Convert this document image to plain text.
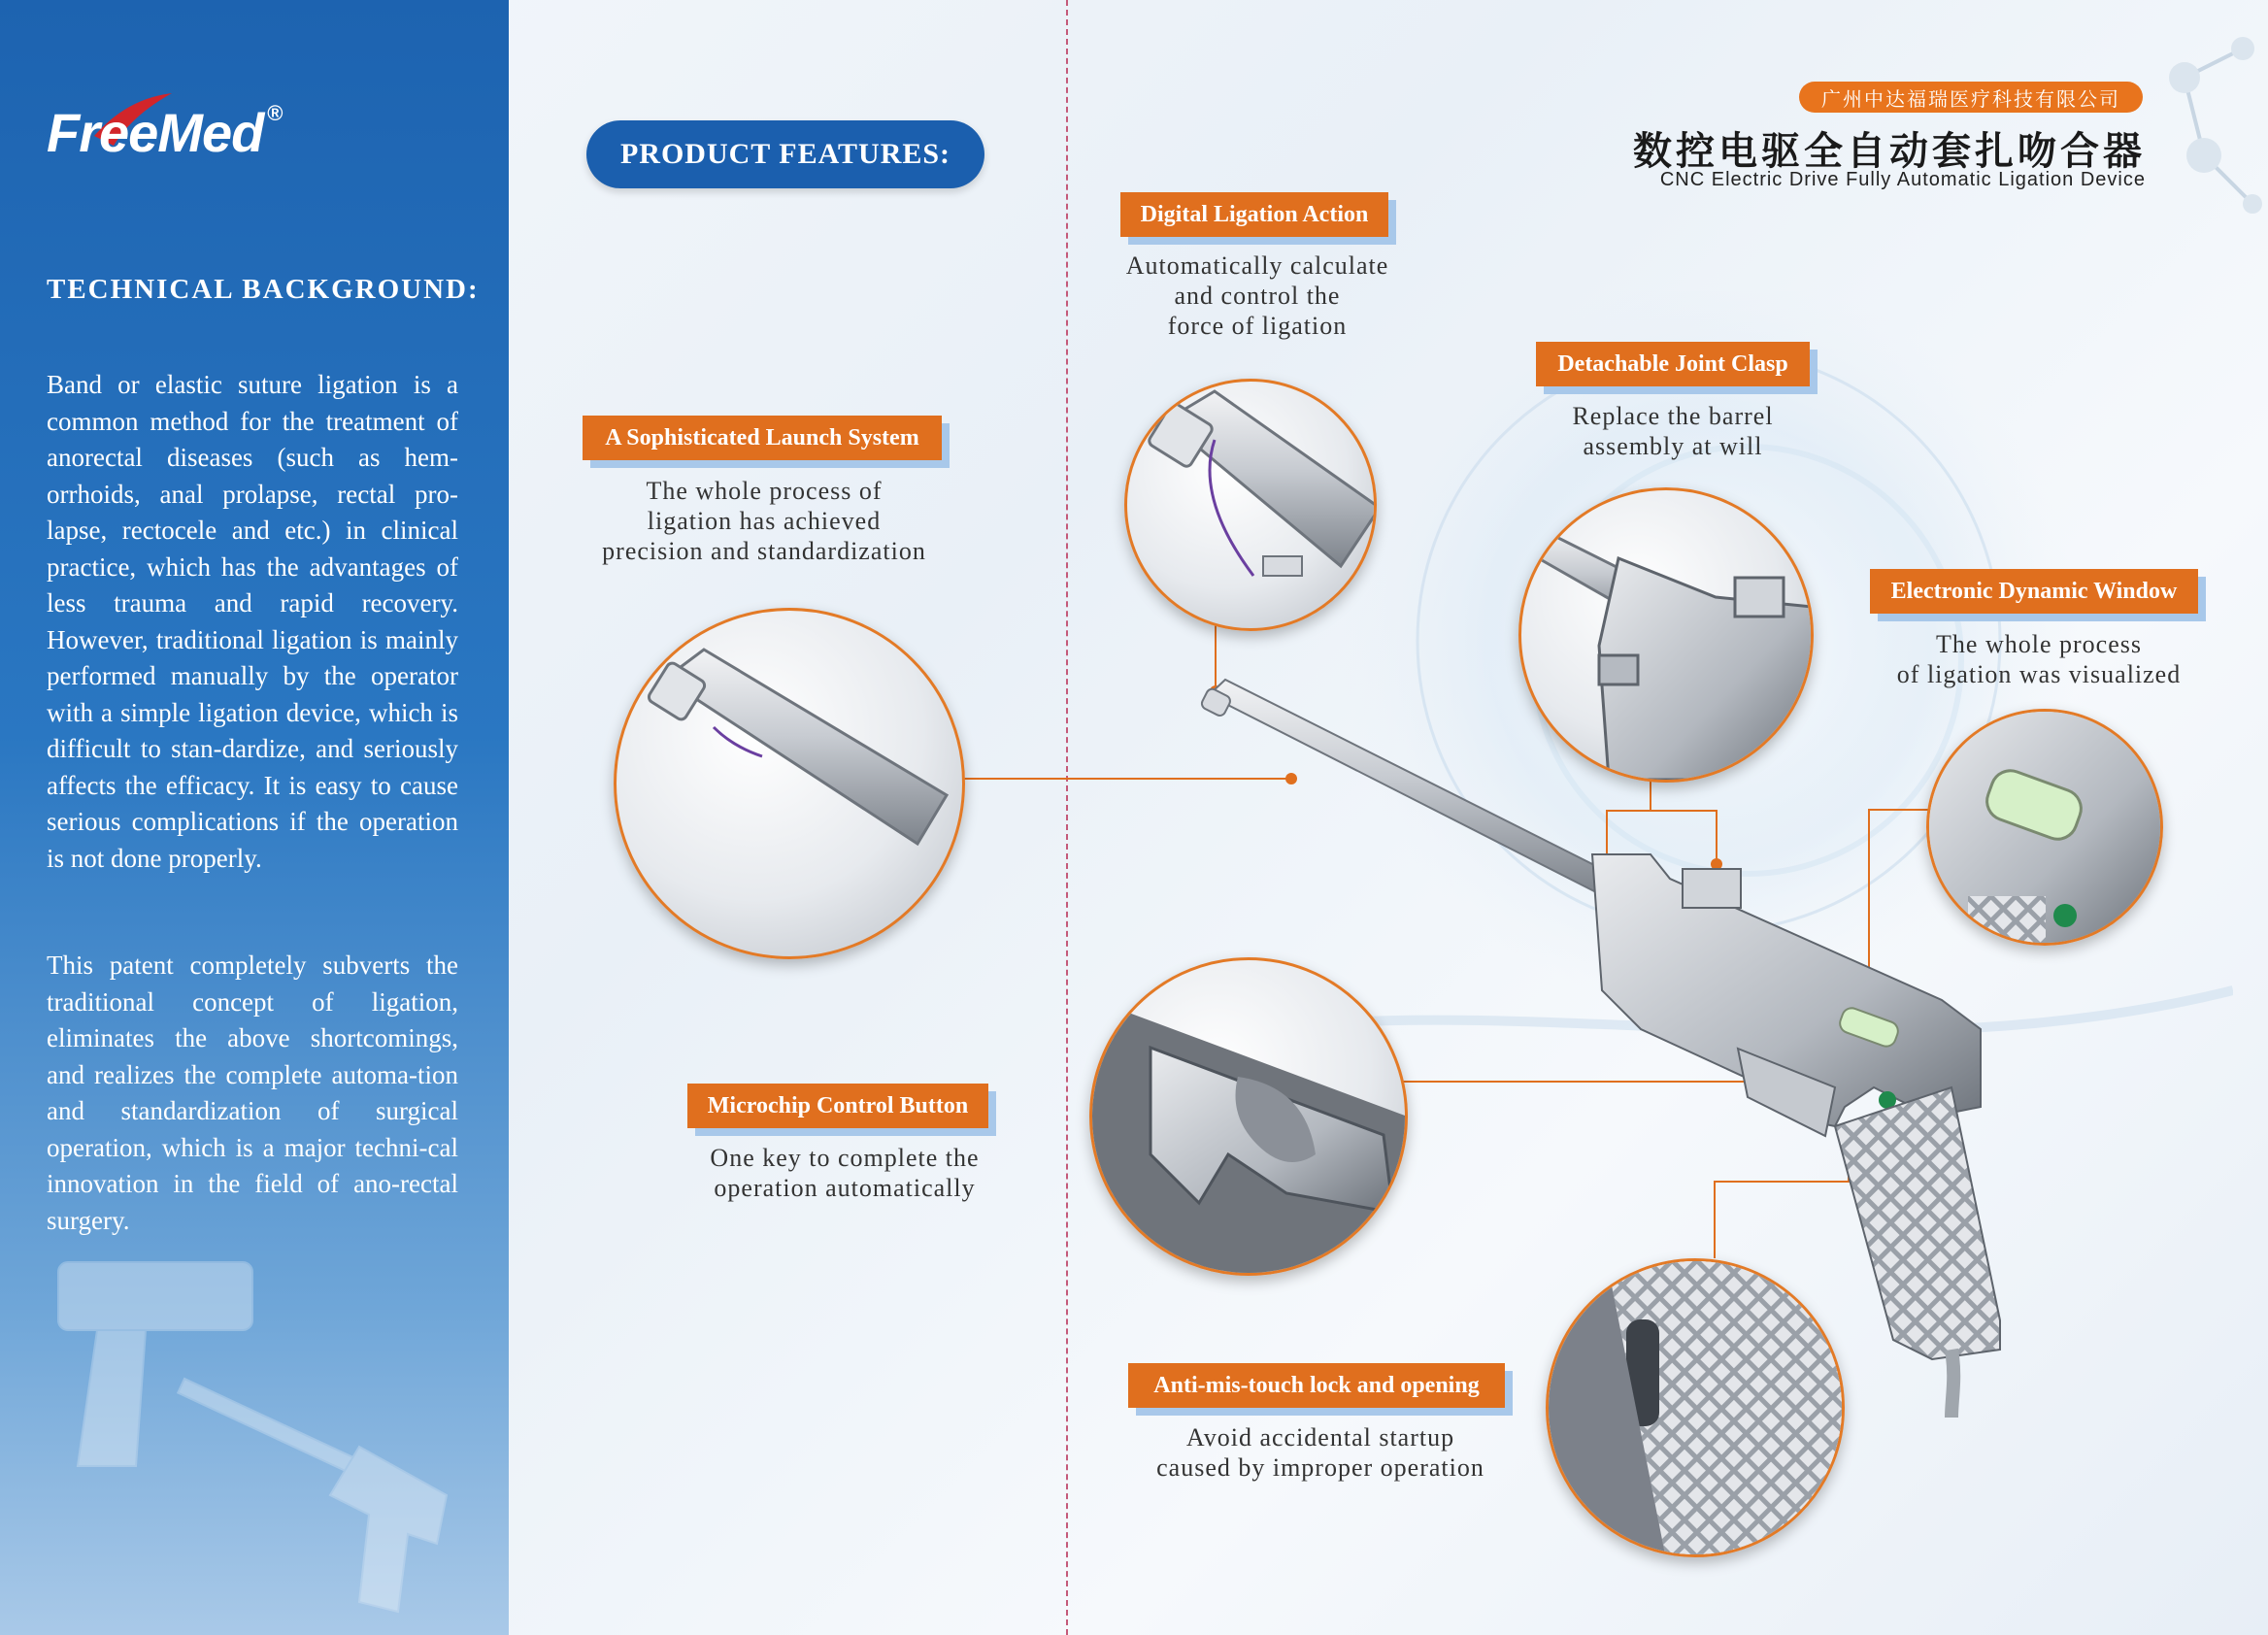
FreeMed ®
TECHNICAL BACKGROUND:

Band or elastic suture ligation is a common method for the treatment of anorectal diseases (such as hem-orrhoids, anal prolapse, rectal pro-lapse, rectocele and etc.) in clinical practice, which has the advantages of less trauma and rapid recovery. However, traditional ligation is mainly performed manually by the operator with a simple ligation device, which is difficult to stan-dardize, and seriously affects the efficacy. It is easy to cause serious complications if the operation is not done properly.

This patent completely subverts the traditional concept of ligation, eliminates the above shortcomings, and realizes the complete automa-tion and standardization of surgical operation, which is a major techni-cal innovation in the field of ano-rectal surgery.

PRODUCT FEATURES:
广州中达福瑞医疗科技有限公司
数控电驱全自动套扎吻合器
CNC Electric Drive Fully Automatic Ligation Device
Digital Ligation Action
Automatically calculate
and control the
force of ligation
A Sophisticated Launch System
The whole process of
ligation has achieved
precision and standardization
Detachable Joint Clasp
Replace the barrel
assembly at will
Electronic Dynamic Window
The whole process
of ligation was visualized
Microchip Control Button
One key to complete the
operation automatically
Anti-mis-touch lock and opening
Avoid accidental startup
caused by improper operation
